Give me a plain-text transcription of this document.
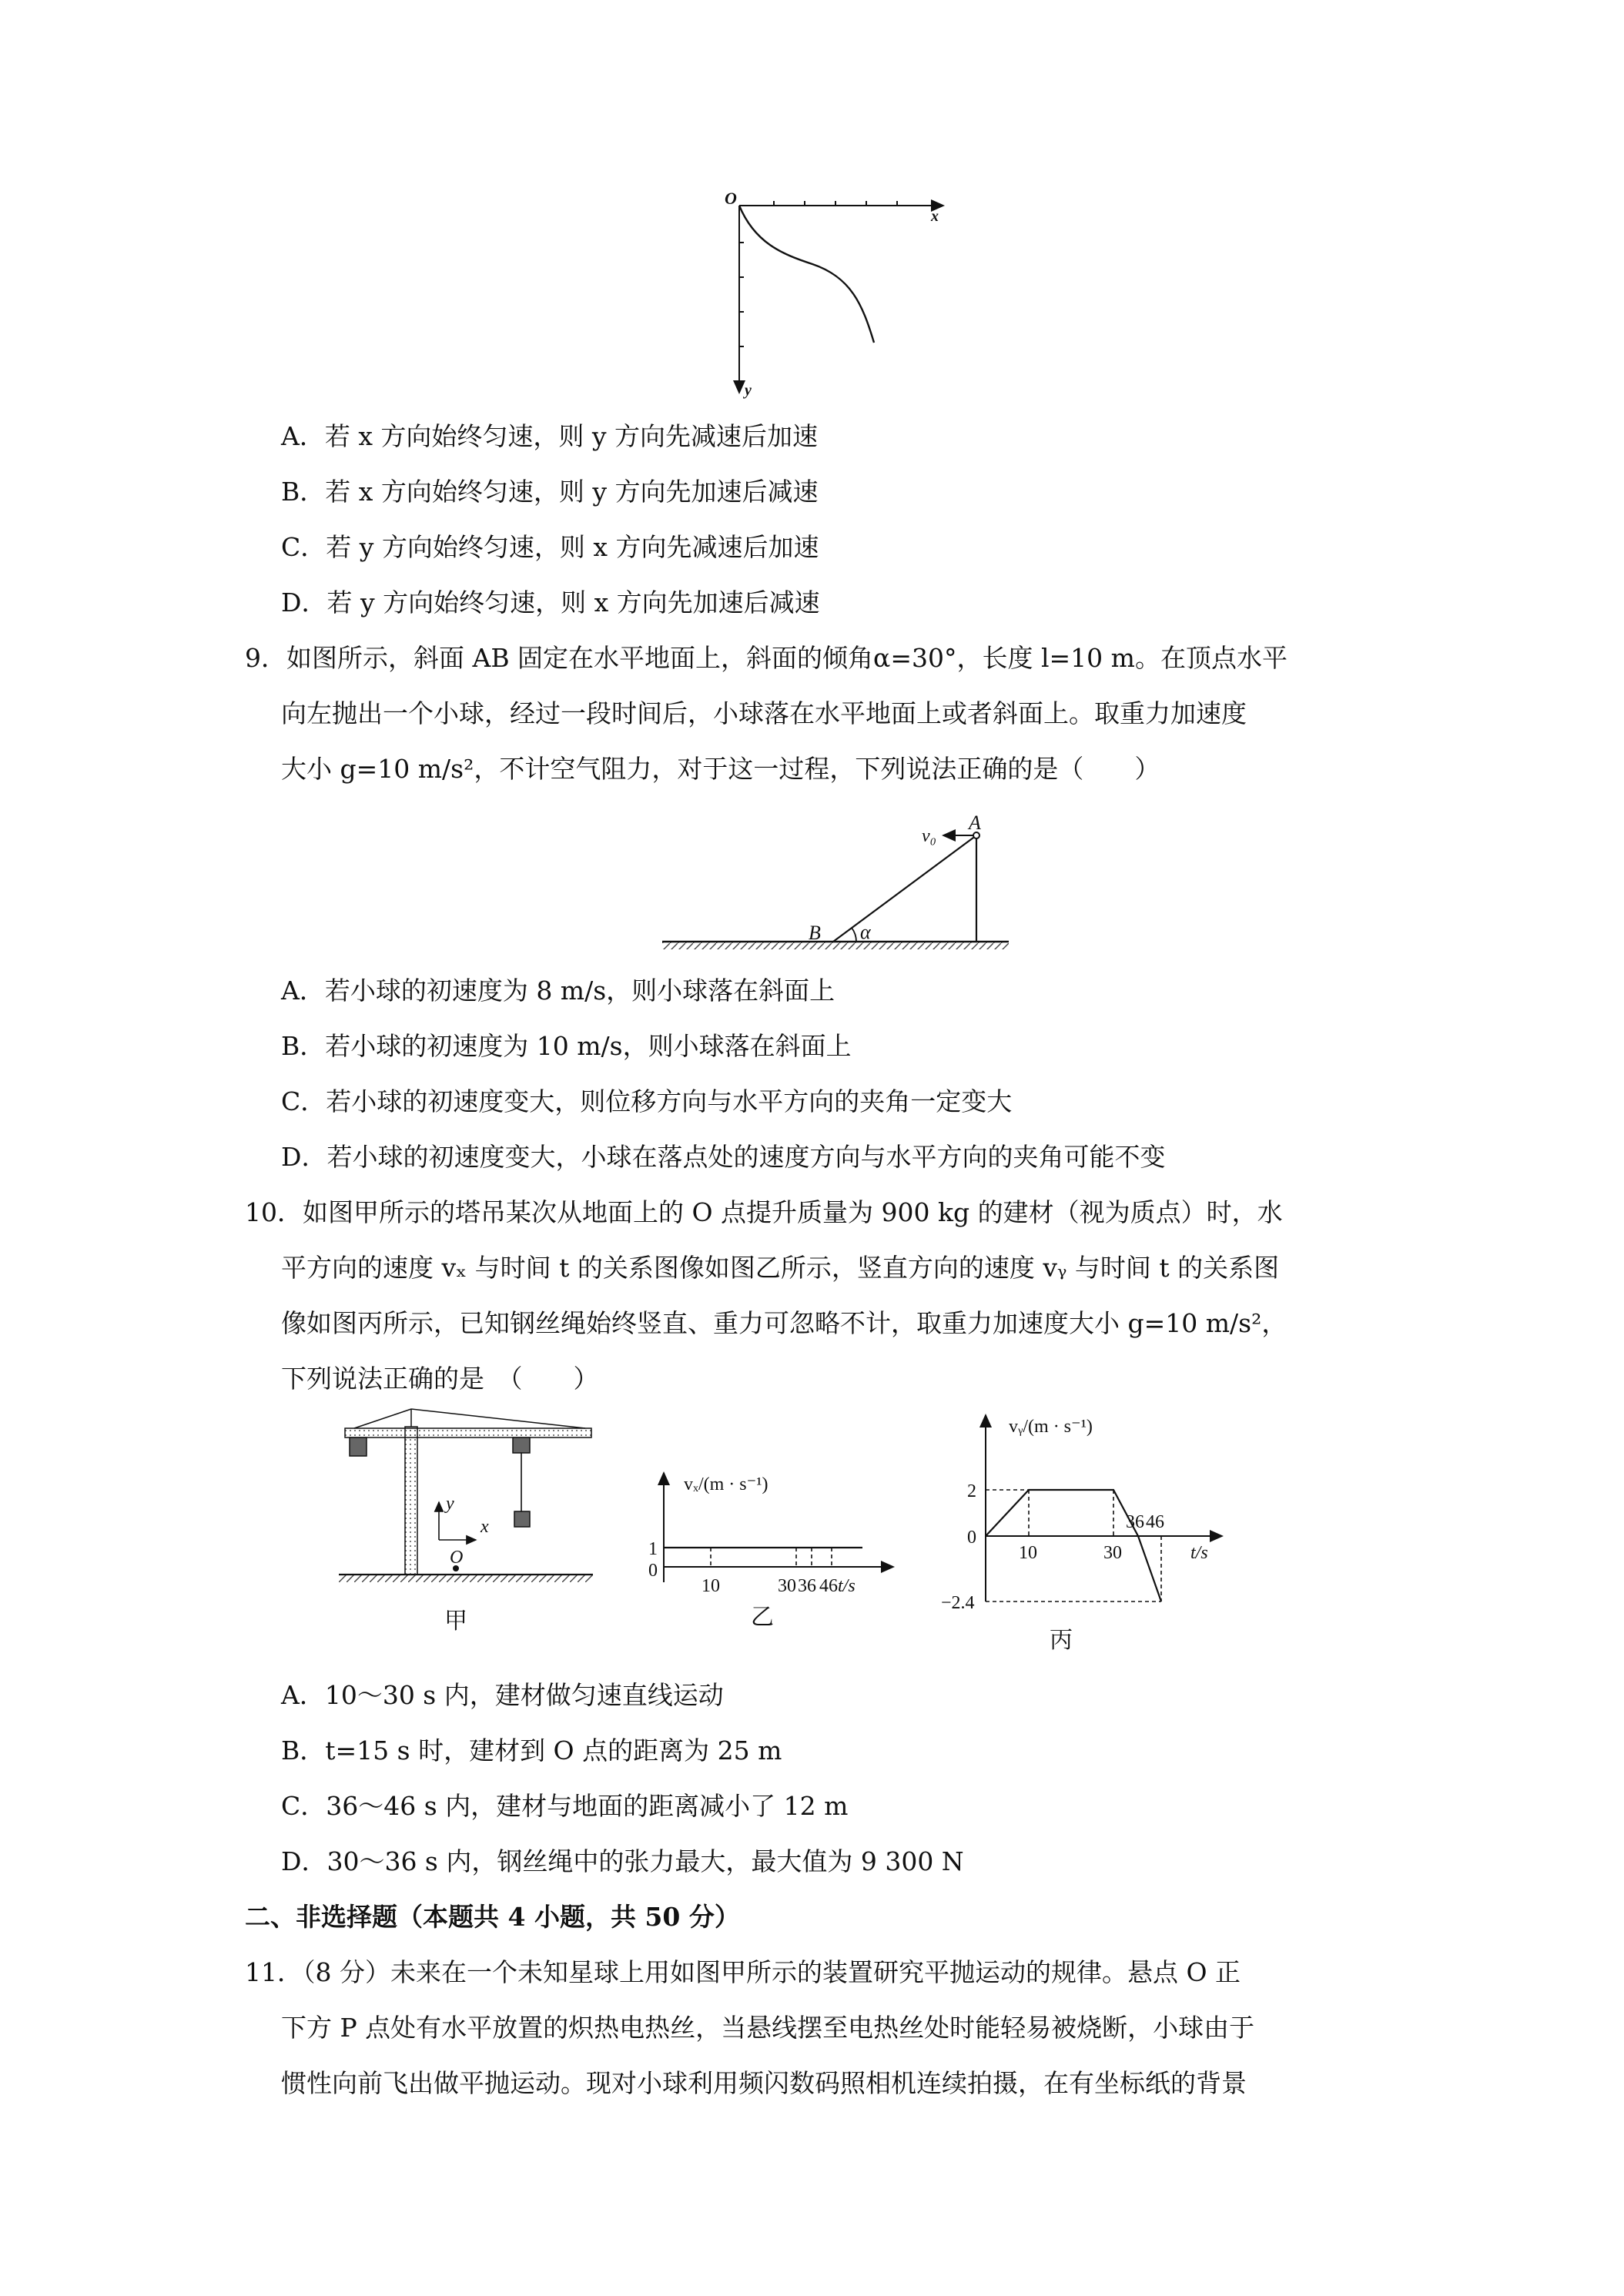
O
x
y
A．若 x 方向始终匀速，则 y 方向先减速后加速
B．若 x 方向始终匀速，则 y 方向先加速后减速
C．若 y 方向始终匀速，则 x 方向先减速后加速
D．若 y 方向始终匀速，则 x 方向先加速后减速
9．如图所示，斜面 AB 固定在水平地面上，斜面的倾角α=30°，长度 l=10 m。在顶点水平
向左抛出一个小球，经过一段时间后，小球落在水平地面上或者斜面上。取重力加速度
大小 g=10 m/s²，不计空气阻力，对于这一过程，下列说法正确的是（　　）
A
B
v₀
α
A．若小球的初速度为 8 m/s，则小球落在斜面上
B．若小球的初速度为 10 m/s，则小球落在斜面上
C．若小球的初速度变大，则位移方向与水平方向的夹角一定变大
D．若小球的初速度变大，小球在落点处的速度方向与水平方向的夹角可能不变
10．如图甲所示的塔吊某次从地面上的 O 点提升质量为 900 kg 的建材（视为质点）时，水
平方向的速度 vₓ 与时间 t 的关系图像如图乙所示，竖直方向的速度 vᵧ 与时间 t 的关系图
像如图丙所示，已知钢丝绳始终竖直、重力可忽略不计，取重力加速度大小 g=10 m/s²，
下列说法正确的是　（　　）
y
x
O
甲
vₓ/(m · s⁻¹)
1
0
10	30 36 46 t/s
乙
vᵧ/(m · s⁻¹)
2
0
−2.4
10	30
36 46
t/s
丙
A．10～30 s 内，建材做匀速直线运动
B．t=15 s 时，建材到 O 点的距离为 25 m
C．36～46 s 内，建材与地面的距离减小了 12 m
D．30～36 s 内，钢丝绳中的张力最大，最大值为 9 300 N
二、非选择题（本题共 4 小题，共 50 分）
11．（8 分）未来在一个未知星球上用如图甲所示的装置研究平抛运动的规律。悬点 O 正
下方 P 点处有水平放置的炽热电热丝，当悬线摆至电热丝处时能轻易被烧断，小球由于
惯性向前飞出做平抛运动。现对小球利用频闪数码照相机连续拍摄，在有坐标纸的背景
